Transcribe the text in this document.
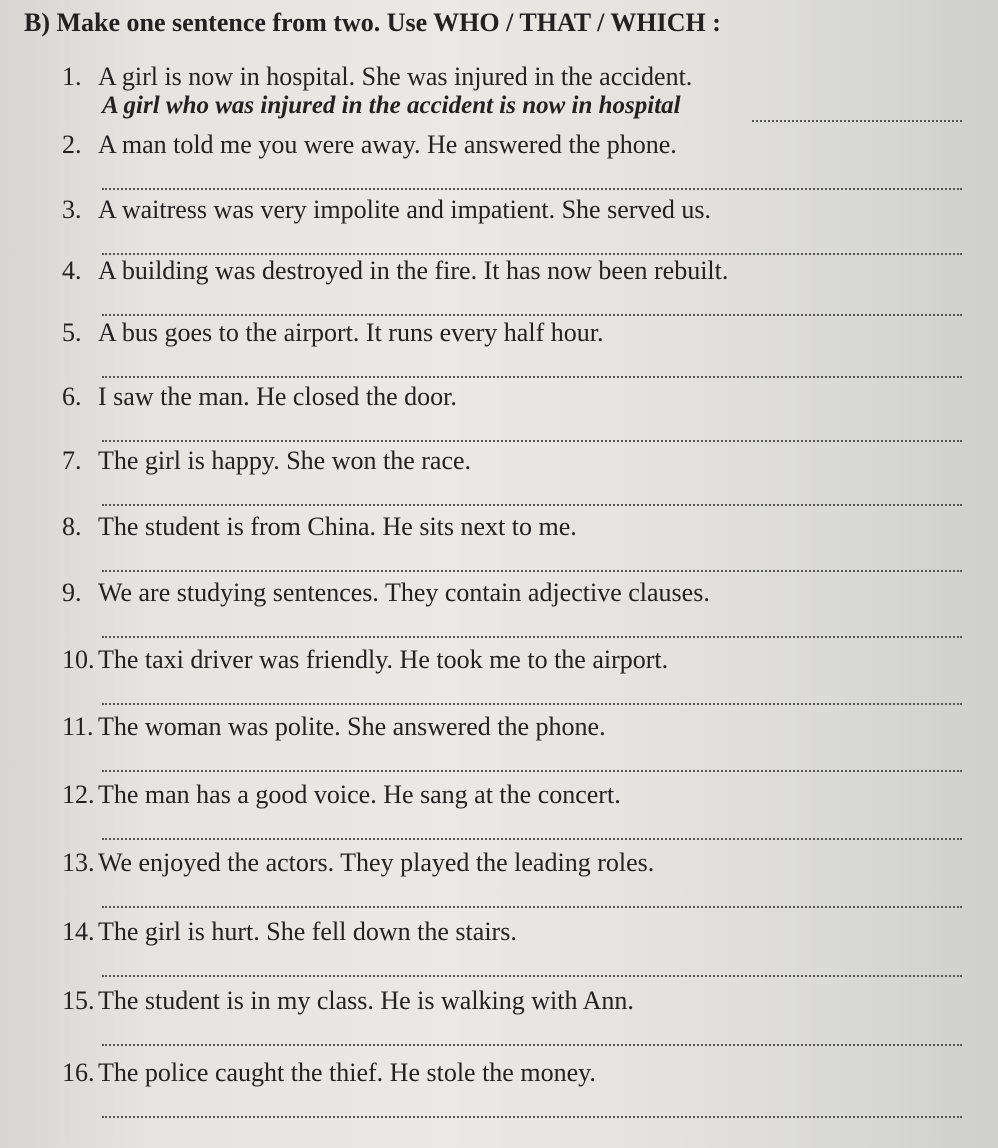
B) Make one sentence from two. Use WHO / THAT / WHICH :
1. A girl is now in hospital. She was injured in the accident.
A girl who was injured in the accident is now in hospital
2. A man told me you were away. He answered the phone.
3. A waitress was very impolite and impatient. She served us.
4. A building was destroyed in the fire. It has now been rebuilt.
5. A bus goes to the airport. It runs every half hour.
6. I saw the man. He closed the door.
7. The girl is happy. She won the race.
8. The student is from China. He sits next to me.
9. We are studying sentences. They contain adjective clauses.
10. The taxi driver was friendly. He took me to the airport.
11. The woman was polite. She answered the phone.
12. The man has a good voice. He sang at the concert.
13. We enjoyed the actors. They played the leading roles.
14. The girl is hurt. She fell down the stairs.
15. The student is in my class. He is walking with Ann.
16. The police caught the thief. He stole the money.
